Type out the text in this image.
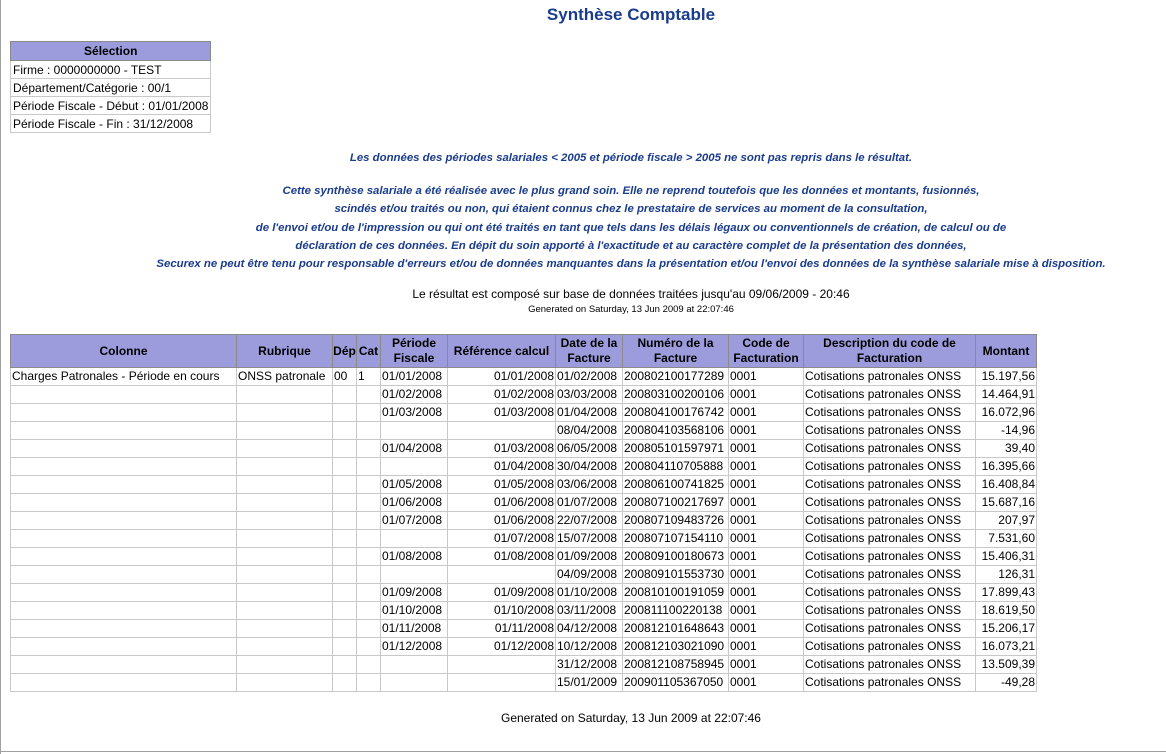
Synthèse Comptable
Sélection
Firme : 0000000000 - TEST
Département/Catégorie : 00/1
Période Fiscale - Début : 01/01/2008
Période Fiscale - Fin : 31/12/2008
Les données des périodes salariales < 2005 et période fiscale > 2005 ne sont pas repris dans le résultat.
Cette synthèse salariale a été réalisée avec le plus grand soin. Elle ne reprend toutefois que les données et montants, fusionnés,
scindés et/ou traités ou non, qui étaient connus chez le prestataire de services au moment de la consultation,
de l'envoi et/ou de l'impression ou qui ont été traités en tant que tels dans les délais légaux ou conventionnels de création, de calcul ou de
déclaration de ces données. En dépit du soin apporté à l'exactitude et au caractère complet de la présentation des données,
Securex ne peut être tenu pour responsable d'erreurs et/ou de données manquantes dans la présentation et/ou l'envoi des données de la synthèse salariale mise à disposition.
Le résultat est composé sur base de données traitées jusqu'au 09/06/2009 - 20:46
Generated on Saturday, 13 Jun 2009 at 22:07:46
Colonne	Rubrique	Dép	Cat	Période Fiscale	Référence calcul	Date de la Facture	Numéro de la Facture	Code de Facturation	Description du code de Facturation	Montant
Charges Patronales - Période en cours	ONSS patronale	00	1	01/01/2008	01/01/2008	01/02/2008	200802100177289	0001	Cotisations patronales ONSS	15.197,56
				01/02/2008	01/02/2008	03/03/2008	200803100200106	0001	Cotisations patronales ONSS	14.464,91
				01/03/2008	01/03/2008	01/04/2008	200804100176742	0001	Cotisations patronales ONSS	16.072,96
						08/04/2008	200804103568106	0001	Cotisations patronales ONSS	-14,96
				01/04/2008	01/03/2008	06/05/2008	200805101597971	0001	Cotisations patronales ONSS	39,40
					01/04/2008	30/04/2008	200804110705888	0001	Cotisations patronales ONSS	16.395,66
				01/05/2008	01/05/2008	03/06/2008	200806100741825	0001	Cotisations patronales ONSS	16.408,84
				01/06/2008	01/06/2008	01/07/2008	200807100217697	0001	Cotisations patronales ONSS	15.687,16
				01/07/2008	01/06/2008	22/07/2008	200807109483726	0001	Cotisations patronales ONSS	207,97
					01/07/2008	15/07/2008	200807107154110	0001	Cotisations patronales ONSS	7.531,60
				01/08/2008	01/08/2008	01/09/2008	200809100180673	0001	Cotisations patronales ONSS	15.406,31
						04/09/2008	200809101553730	0001	Cotisations patronales ONSS	126,31
				01/09/2008	01/09/2008	01/10/2008	200810100191059	0001	Cotisations patronales ONSS	17.899,43
				01/10/2008	01/10/2008	03/11/2008	200811100220138	0001	Cotisations patronales ONSS	18.619,50
				01/11/2008	01/11/2008	04/12/2008	200812101648643	0001	Cotisations patronales ONSS	15.206,17
				01/12/2008	01/12/2008	10/12/2008	200812103021090	0001	Cotisations patronales ONSS	16.073,21
						31/12/2008	200812108758945	0001	Cotisations patronales ONSS	13.509,39
						15/01/2009	200901105367050	0001	Cotisations patronales ONSS	-49,28
Generated on Saturday, 13 Jun 2009 at 22:07:46
